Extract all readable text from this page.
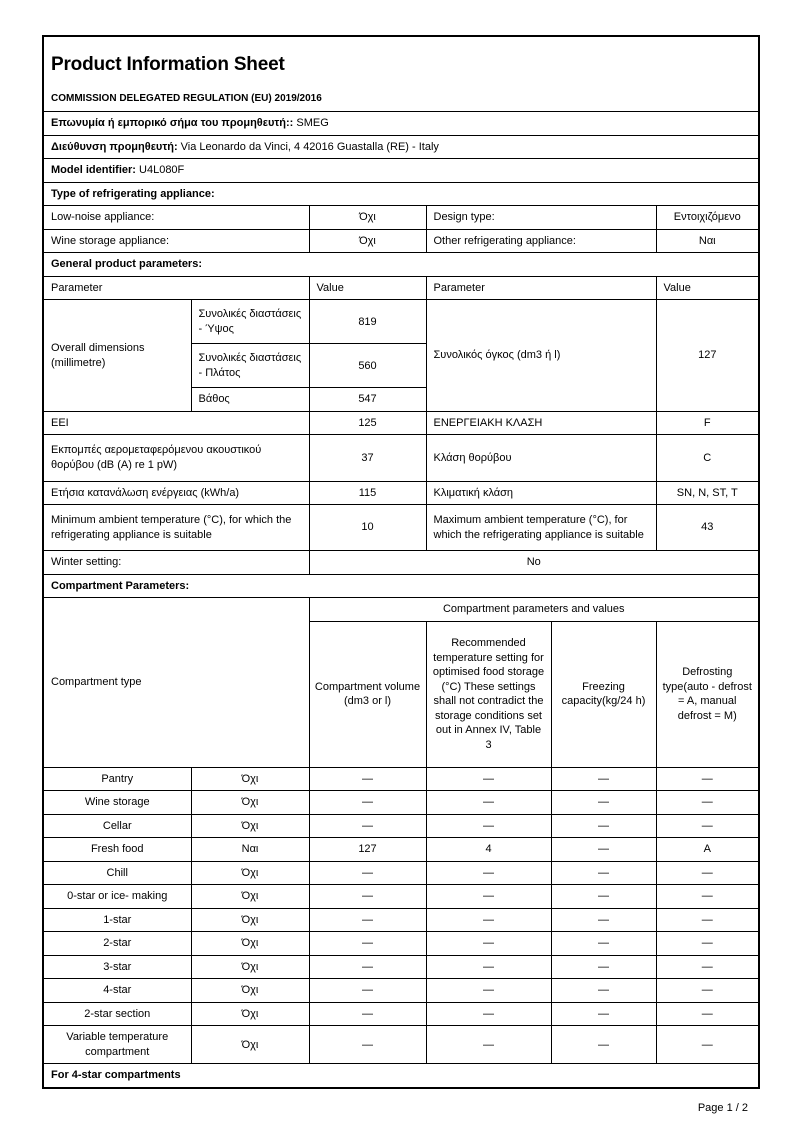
Product Information Sheet

COMMISSION DELEGATED REGULATION (EU) 2019/2016					
Επωνυμία ή εμπορικό σήμα του προμηθευτή:: SMEG					
Διεύθυνση προμηθευτή: Via Leonardo da Vinci, 4 42016 Guastalla (RE) - Italy					
Model identifier: U4L080F					
Type of refrigerating appliance:					
Low-noise appliance:		Όχι	Design type:		Εντοιχιζόμενο
Wine storage appliance:		Όχι	Other refrigerating appliance:		Ναι
General product parameters:					
Parameter		Value	Parameter		Value
Overall dimensions (millimetre)	Συνολικές διαστάσεις - Ύψος	819	Συνολικός όγκος (dm3 ή l)		127
	Συνολικές διαστάσεις - Πλάτος	560			
	Βάθος	547			
EEI		125	ΕΝΕΡΓΕΙΑΚΗ ΚΛΑΣΗ		F
Εκπομπές αερομεταφερόμενου ακουστικού θορύβου (dB (A) re 1 pW)		37	Κλάση θορύβου		C
Ετήσια κατανάλωση ενέργειας (kWh/a)		115	Κλιματική κλάση		SN, N, ST, T
Minimum ambient temperature (°C), for which the refrigerating appliance is suitable		10	Maximum ambient temperature (°C), for which the refrigerating appliance is suitable		43
Winter setting:		No			
Compartment Parameters:					
Compartment type		Compartment parameters and values			
		Compartment volume (dm3 or l)	Recommended temperature setting for optimised food storage (°C) These settings shall not contradict the storage conditions set out in Annex IV, Table 3	Freezing capacity(kg/24 h)	Defrosting type(auto - defrost = A, manual defrost = M)
Pantry	Όχι	—	—	—	—
Wine storage	Όχι	—	—	—	—
Cellar	Όχι	—	—	—	—
Fresh food	Ναι	127	4	—	A
Chill	Όχι	—	—	—	—
0-star or ice- making	Όχι	—	—	—	—
1-star	Όχι	—	—	—	—
2-star	Όχι	—	—	—	—
3-star	Όχι	—	—	—	—
4-star	Όχι	—	—	—	—
2-star section	Όχι	—	—	—	—
Variable temperature compartment	Όχι	—	—	—	—
For 4-star compartments					
Page 1 / 2
